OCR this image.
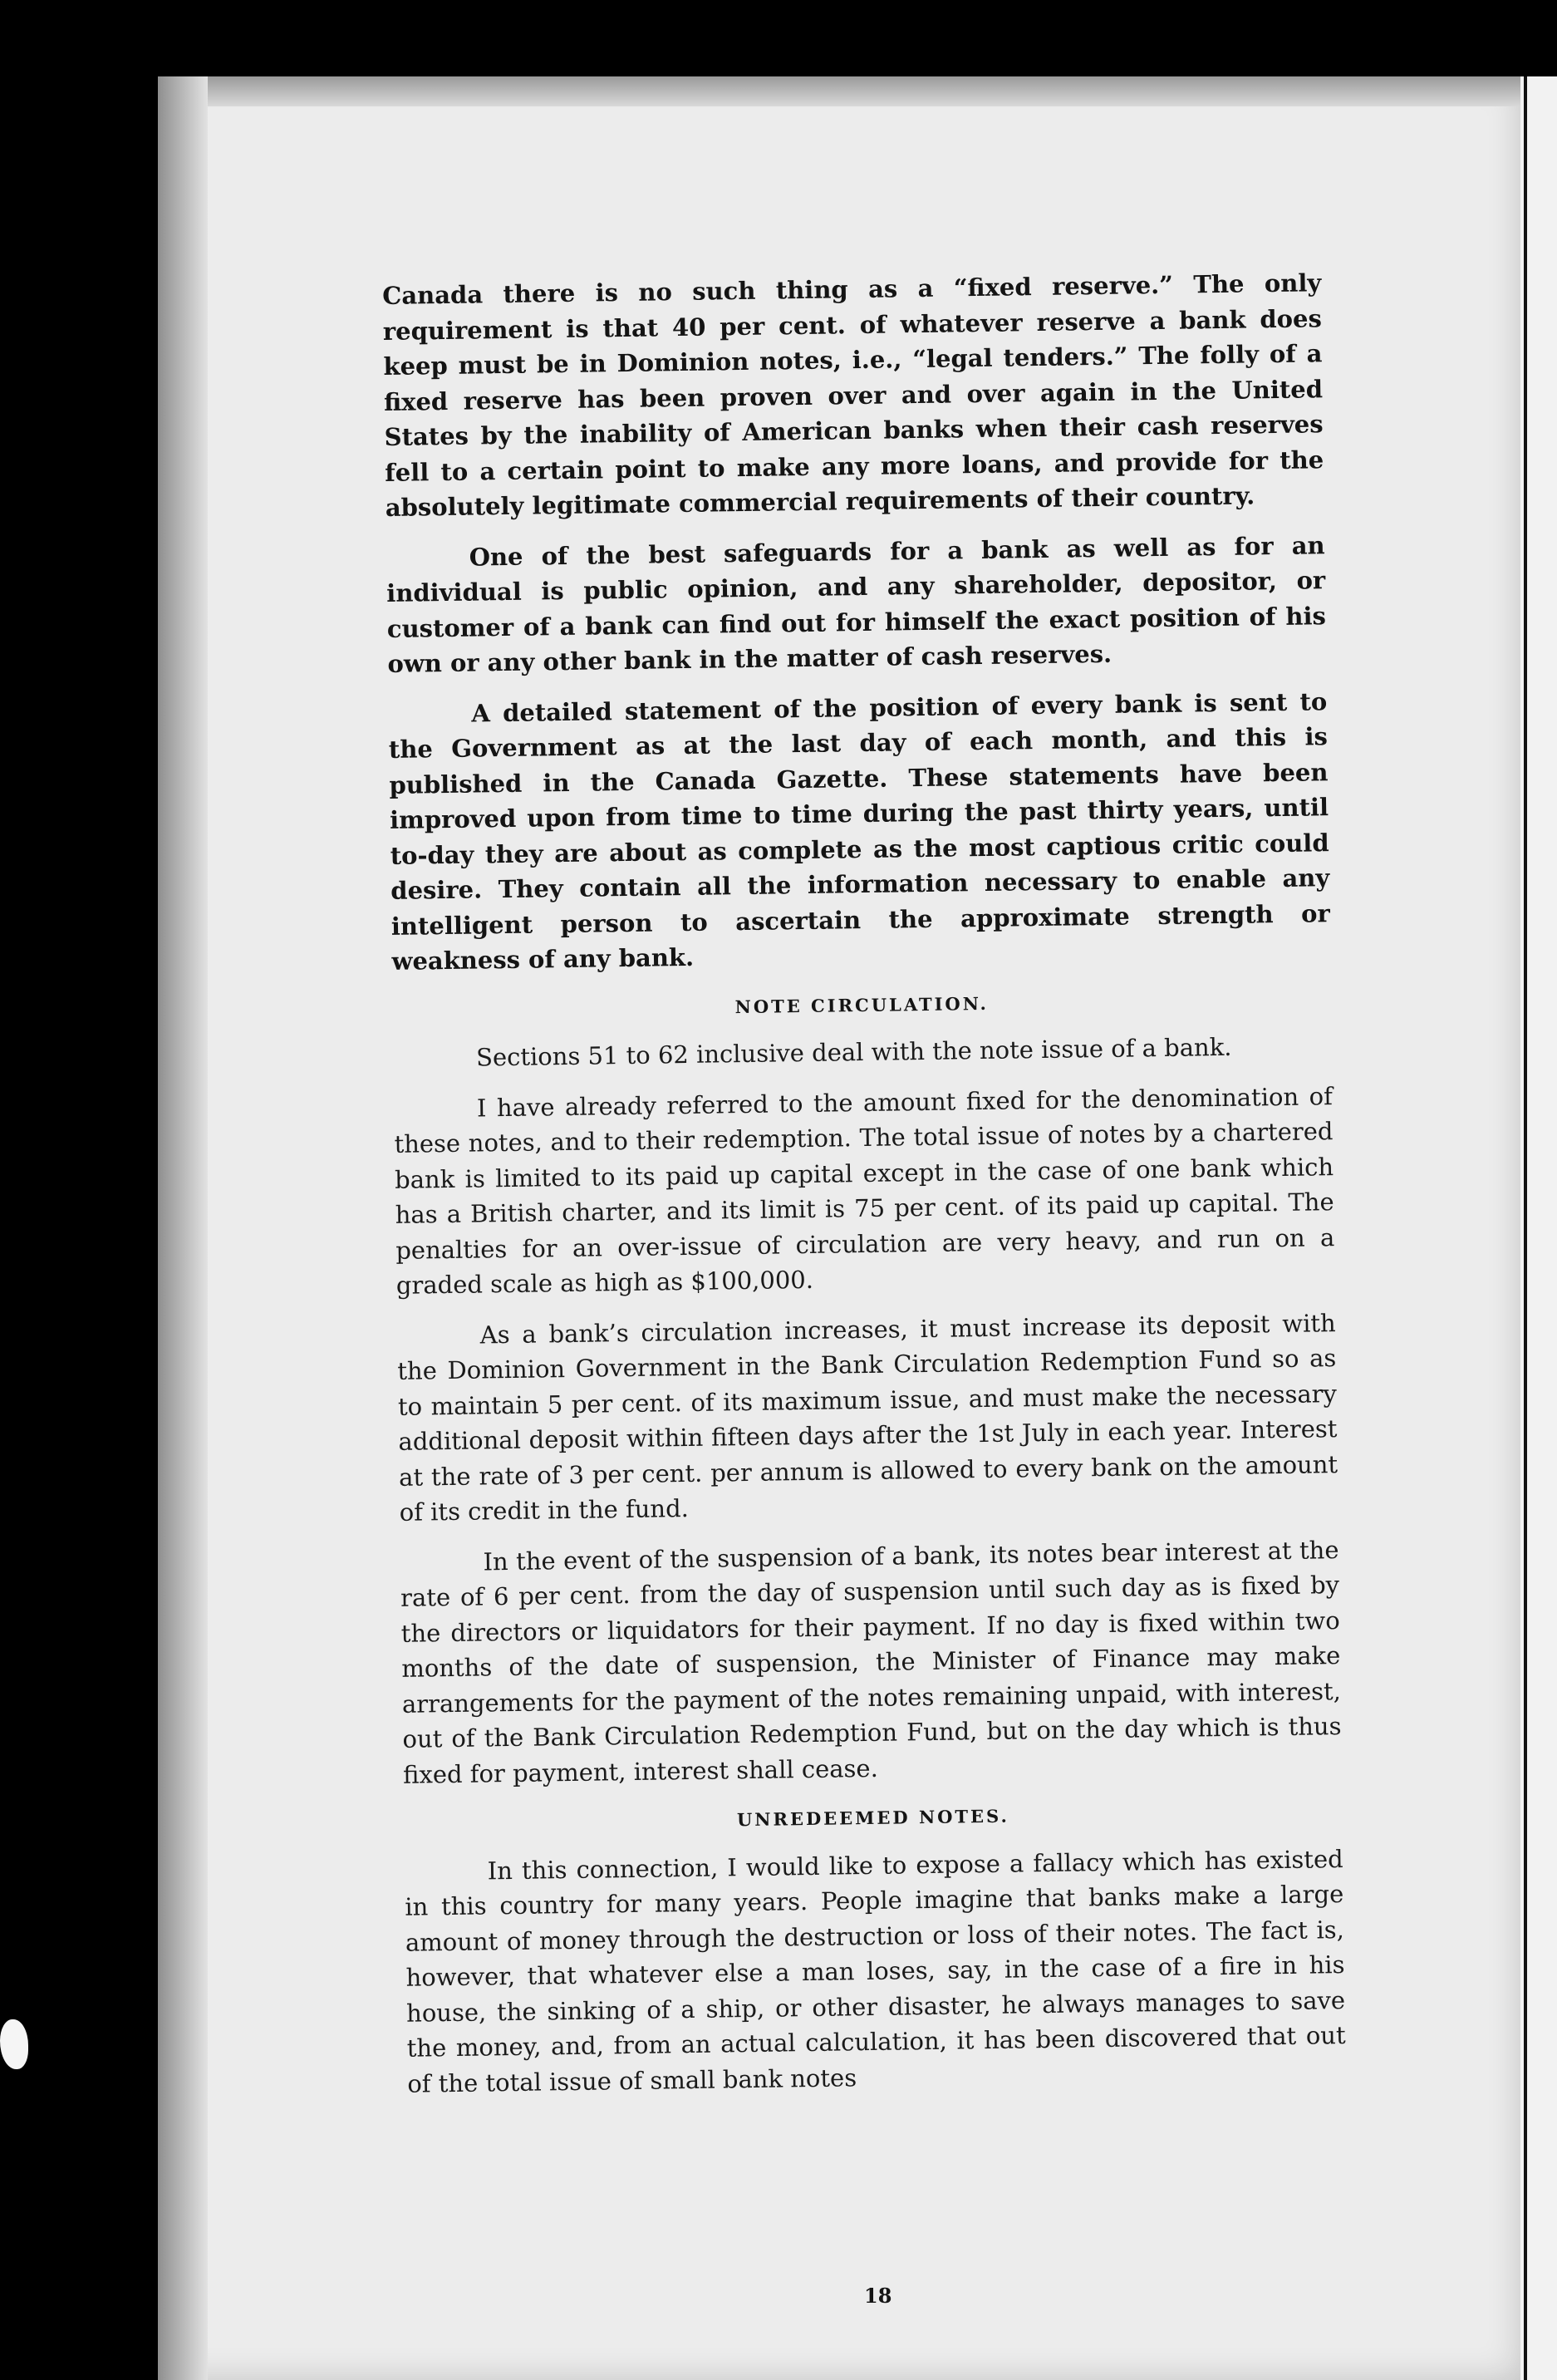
Canada there is no such thing as a “fixed reserve.” The only requirement is that 40 per cent. of whatever reserve a bank does keep must be in Dominion notes, i.e., “legal tenders.” The folly of a fixed reserve has been proven over and over again in the United States by the inability of American banks when their cash reserves fell to a certain point to make any more loans, and provide for the absolutely legitimate commercial requirements of their country.

One of the best safeguards for a bank as well as for an individual is public opinion, and any shareholder, depositor, or customer of a bank can find out for himself the exact position of his own or any other bank in the matter of cash reserves.

A detailed statement of the position of every bank is sent to the Government as at the last day of each month, and this is published in the Canada Gazette. These statements have been improved upon from time to time during the past thirty years, until to-day they are about as complete as the most captious critic could desire. They contain all the information necessary to enable any intelligent person to ascertain the approximate strength or weakness of any bank.

NOTE CIRCULATION.

Sections 51 to 62 inclusive deal with the note issue of a bank.

I have already referred to the amount fixed for the denomination of these notes, and to their redemption. The total issue of notes by a chartered bank is limited to its paid up capital except in the case of one bank which has a British charter, and its limit is 75 per cent. of its paid up capital. The penalties for an over-issue of circulation are very heavy, and run on a graded scale as high as $100,000.

As a bank’s circulation increases, it must increase its deposit with the Dominion Government in the Bank Circulation Redemption Fund so as to maintain 5 per cent. of its maximum issue, and must make the necessary additional deposit within fifteen days after the 1st July in each year. Interest at the rate of 3 per cent. per annum is allowed to every bank on the amount of its credit in the fund.

In the event of the suspension of a bank, its notes bear interest at the rate of 6 per cent. from the day of suspension until such day as is fixed by the directors or liquidators for their payment. If no day is fixed within two months of the date of suspension, the Minister of Finance may make arrangements for the payment of the notes remaining unpaid, with interest, out of the Bank Circulation Redemption Fund, but on the day which is thus fixed for payment, interest shall cease.

UNREDEEMED NOTES.

In this connection, I would like to expose a fallacy which has existed in this country for many years. People imagine that banks make a large amount of money through the destruction or loss of their notes. The fact is, however, that whatever else a man loses, say, in the case of a fire in his house, the sinking of a ship, or other disaster, he always manages to save the money, and, from an actual calculation, it has been discovered that out of the total issue of small bank notes

18
